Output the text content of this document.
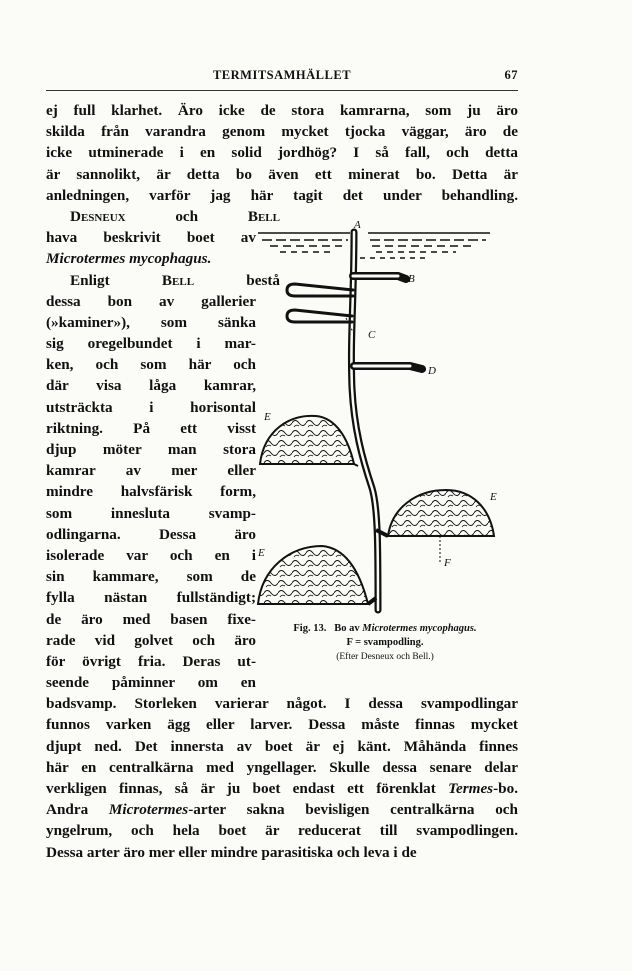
TERMITSAMHÄLLET	67
ej full klarhet. Äro icke de stora kamrarna, som ju äro
skilda från varandra genom mycket tjocka väggar, äro de
icke utminerade i en solid jordhög? I så fall, och detta
är sannolikt, är detta bo även ett minerat bo. Detta är
anledningen, varför jag här tagit det under behandling.
Desneux och Bell
hava beskrivit boet av
Microtermes mycophagus.
Enligt Bell bestå
dessa bon av gallerier
(»kaminer»), som sänka
sig oregelbundet i mar-
ken, och som här och
där visa låga kamrar,
utsträckta i horisontal
riktning. På ett visst
djup möter man stora
kamrar av mer eller
mindre halvsfärisk form,
som innesluta svamp-
odlingarna. Dessa äro
isolerade var och en i
sin kammare, som de
fylla nästan fullständigt;
de äro med basen fixe-
rade vid golvet och äro
för övrigt fria. Deras ut-
seende påminner om en
badsvamp. Storleken varierar något. I dessa svampodlingar
funnos varken ägg eller larver. Dessa måste finnas mycket
djupt ned. Det innersta av boet är ej känt. Måhända finnes
här en centralkärna med yngellager. Skulle dessa senare delar
verkligen finnas, så är ju boet endast ett förenklat Termes-bo.
Andra Microtermes-arter sakna bevisligen centralkärna och
yngelrum, och hela boet är reducerat till svampodlingen.
Dessa arter äro mer eller mindre parasitiska och leva i de
A
B
C
D
E
E
E
F
Fig. 13. Bo av Microtermes mycophagus.
F = svampodling.
(Efter Desneux och Bell.)
